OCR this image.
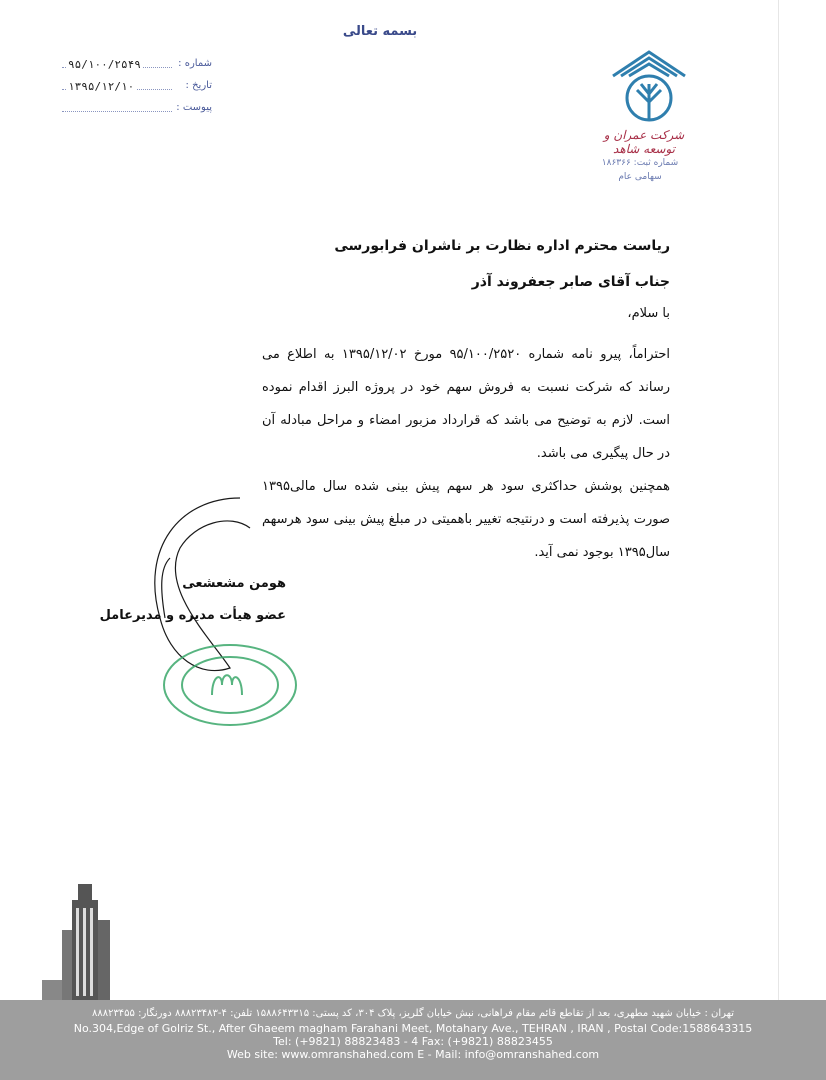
بسمه تعالی
شماره :
۹۵/۱۰۰/۲۵۴۹
تاریخ :
۱۳۹۵/۱۲/۱۰
پیوست :
شرکت عمران و توسعه شاهد
شماره ثبت: ۱۸۶۳۶۶
سهامی عام
ریاست محترم اداره نظارت بر ناشران فرابورسی
جناب آقای صابر جعفروند آذر
با سلام،

احتراماً، پیرو نامه شماره ۹۵/۱۰۰/۲۵۲۰ مورخ ۱۳۹۵/۱۲/۰۲ به اطلاع می رساند که شرکت نسبت به فروش سهم خود در پروژه البرز اقدام نموده است. لازم به توضیح می باشد که قرارداد مزبور امضاء و مراحل مبادله آن در حال پیگیری می باشد.

همچنین پوشش حداکثری سود هر سهم پیش بینی شده سال مالی۱۳۹۵ صورت پذیرفته است و درنتیجه تغییر باهمیتی در مبلغ پیش بینی سود هرسهم سال۱۳۹۵ بوجود نمی آید.

هومن مشعشعی
عضو هیأت مدیره و مدیرعامل
تهران : خیابان شهید مطهری، بعد از تقاطع قائم مقام فراهانی، نبش خیابان گلریز، پلاک ۳۰۴، کد پستی: ۱۵۸۸۶۴۳۳۱۵ تلفن: ۴-۸۸۸۲۳۴۸۳ دورنگار: ۸۸۸۲۳۴۵۵
No.304,Edge of Golriz St., After Ghaeem magham Farahani Meet, Motahary Ave., TEHRAN , IRAN , Postal Code:1588643315
Tel: (+9821) 88823483 - 4 Fax: (+9821) 88823455
Web site: www.omranshahed.com E - Mail: info@omranshahed.com
